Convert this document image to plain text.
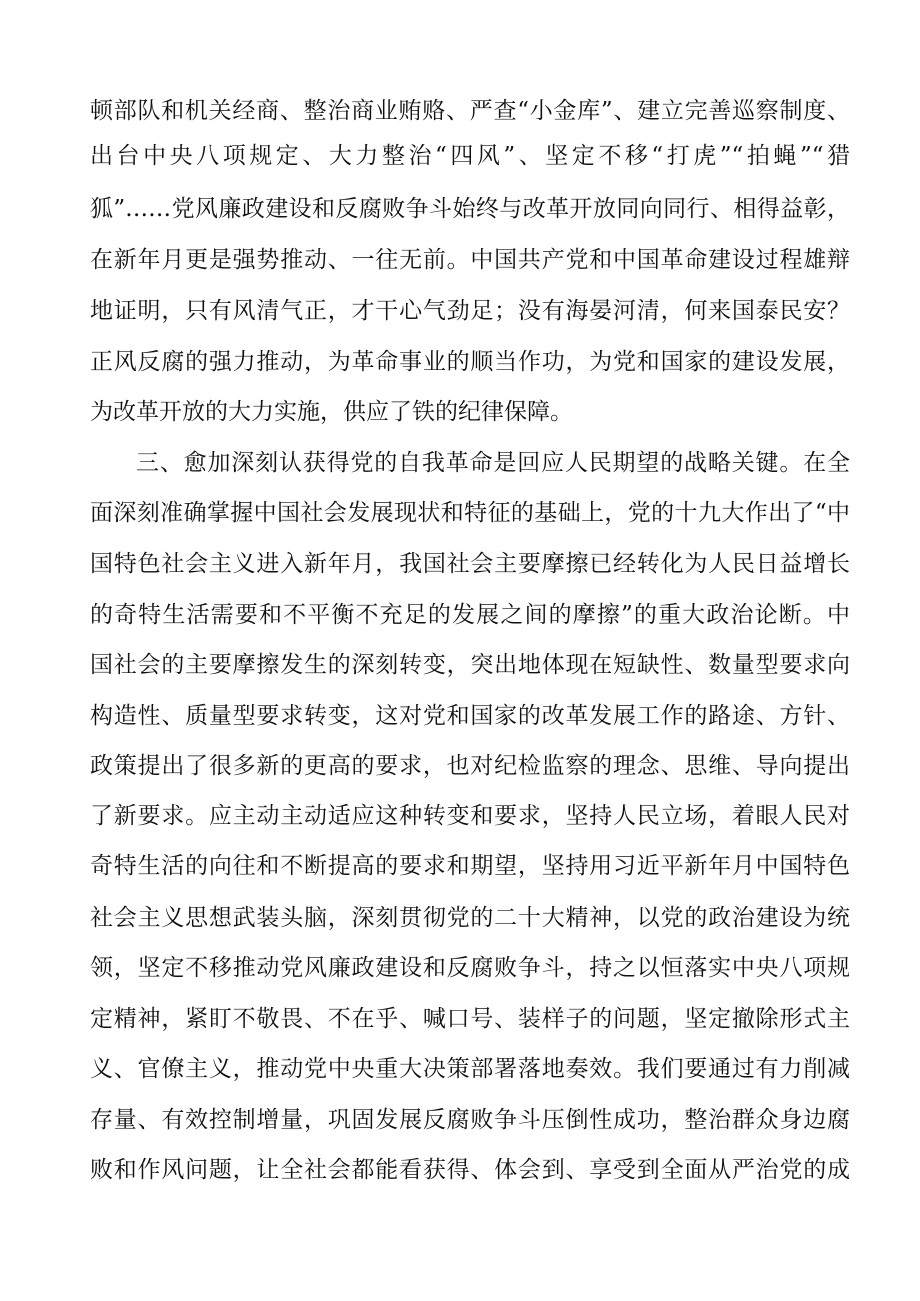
顿部队和机关经商、整治商业贿赂、严查“小金库”、建立完善巡察制度、
出台中央八项规定、大力整治“四风”、坚定不移“打虎”“拍蝇”“猎
狐”……党风廉政建设和反腐败争斗始终与改革开放同向同行、相得益彰，
在新年月更是强势推动、一往无前。中国共产党和中国革命建设过程雄辩
地证明，只有风清气正，才干心气劲足；没有海晏河清，何来国泰民安？
正风反腐的强力推动，为革命事业的顺当作功，为党和国家的建设发展，
为改革开放的大力实施，供应了铁的纪律保障。
三、愈加深刻认获得党的自我革命是回应人民期望的战略关键。在全
面深刻准确掌握中国社会发展现状和特征的基础上，党的十九大作出了“中
国特色社会主义进入新年月，我国社会主要摩擦已经转化为人民日益增长
的奇特生活需要和不平衡不充足的发展之间的摩擦”的重大政治论断。中
国社会的主要摩擦发生的深刻转变，突出地体现在短缺性、数量型要求向
构造性、质量型要求转变，这对党和国家的改革发展工作的路途、方针、
政策提出了很多新的更高的要求，也对纪检监察的理念、思维、导向提出
了新要求。应主动主动适应这种转变和要求，坚持人民立场，着眼人民对
奇特生活的向往和不断提高的要求和期望，坚持用习近平新年月中国特色
社会主义思想武装头脑，深刻贯彻党的二十大精神，以党的政治建设为统
领，坚定不移推动党风廉政建设和反腐败争斗，持之以恒落实中央八项规
定精神，紧盯不敬畏、不在乎、喊口号、装样子的问题，坚定撤除形式主
义、官僚主义，推动党中央重大决策部署落地奏效。我们要通过有力削减
存量、有效控制增量，巩固发展反腐败争斗压倒性成功，整治群众身边腐
败和作风问题，让全社会都能看获得、体会到、享受到全面从严治党的成
